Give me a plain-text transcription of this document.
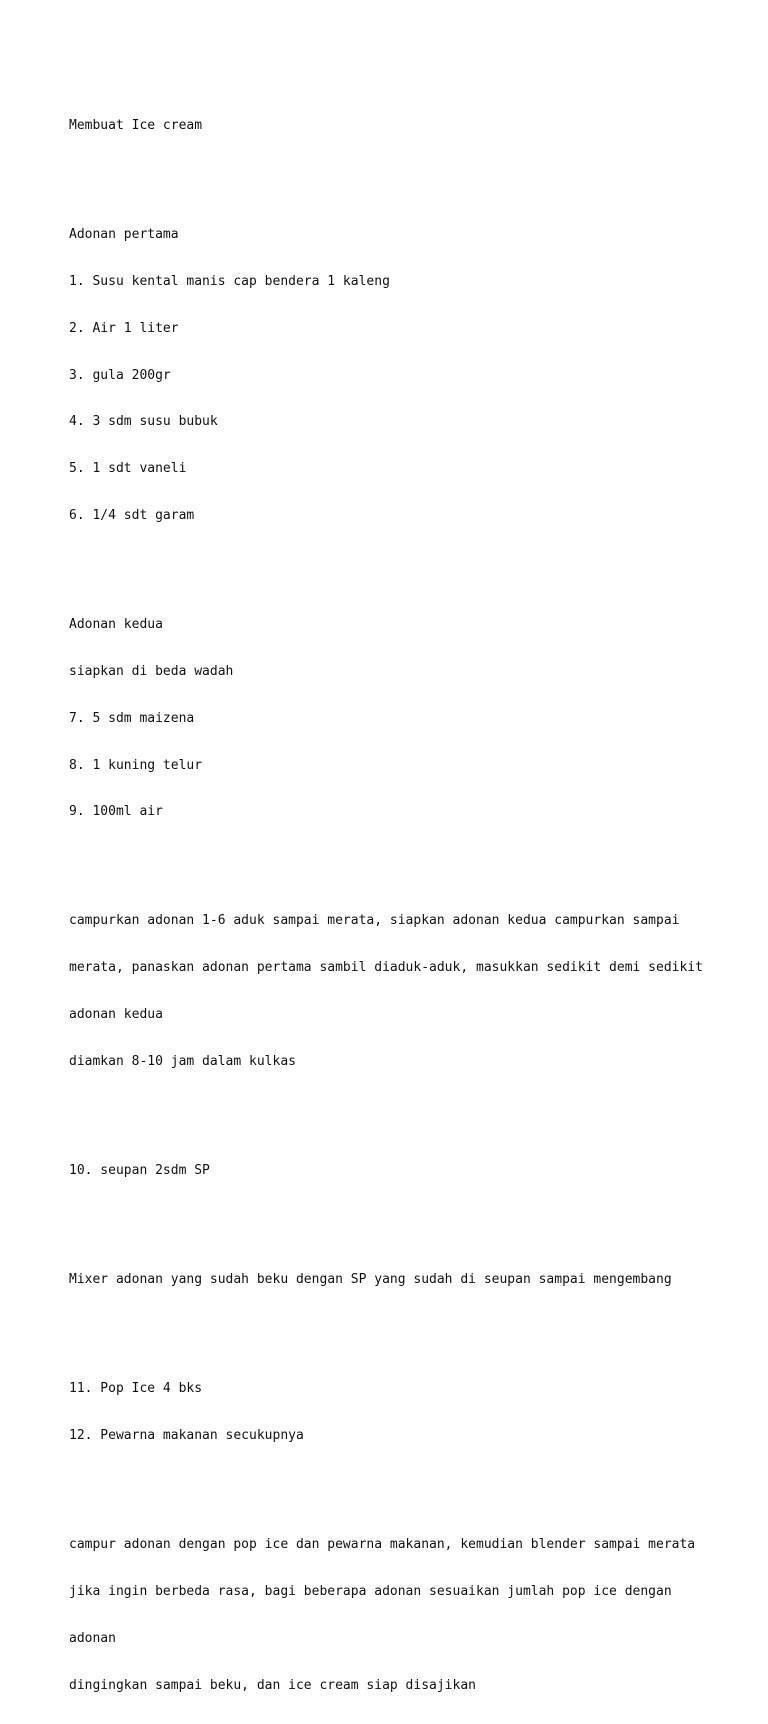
Membuat Ice cream

Adonan pertama

1. Susu kental manis cap bendera 1 kaleng

2. Air 1 liter

3. gula 200gr

4. 3 sdm susu bubuk

5. 1 sdt vaneli

6. 1/4 sdt garam

Adonan kedua

siapkan di beda wadah

7. 5 sdm maizena

8. 1 kuning telur

9. 100ml air

campurkan adonan 1-6 aduk sampai merata, siapkan adonan kedua campurkan sampai

merata, panaskan adonan pertama sambil diaduk-aduk, masukkan sedikit demi sedikit

adonan kedua

diamkan 8-10 jam dalam kulkas

10. seupan 2sdm SP

Mixer adonan yang sudah beku dengan SP yang sudah di seupan sampai mengembang

11. Pop Ice 4 bks

12. Pewarna makanan secukupnya

campur adonan dengan pop ice dan pewarna makanan, kemudian blender sampai merata

jika ingin berbeda rasa, bagi beberapa adonan sesuaikan jumlah pop ice dengan

adonan

dingingkan sampai beku, dan ice cream siap disajikan
